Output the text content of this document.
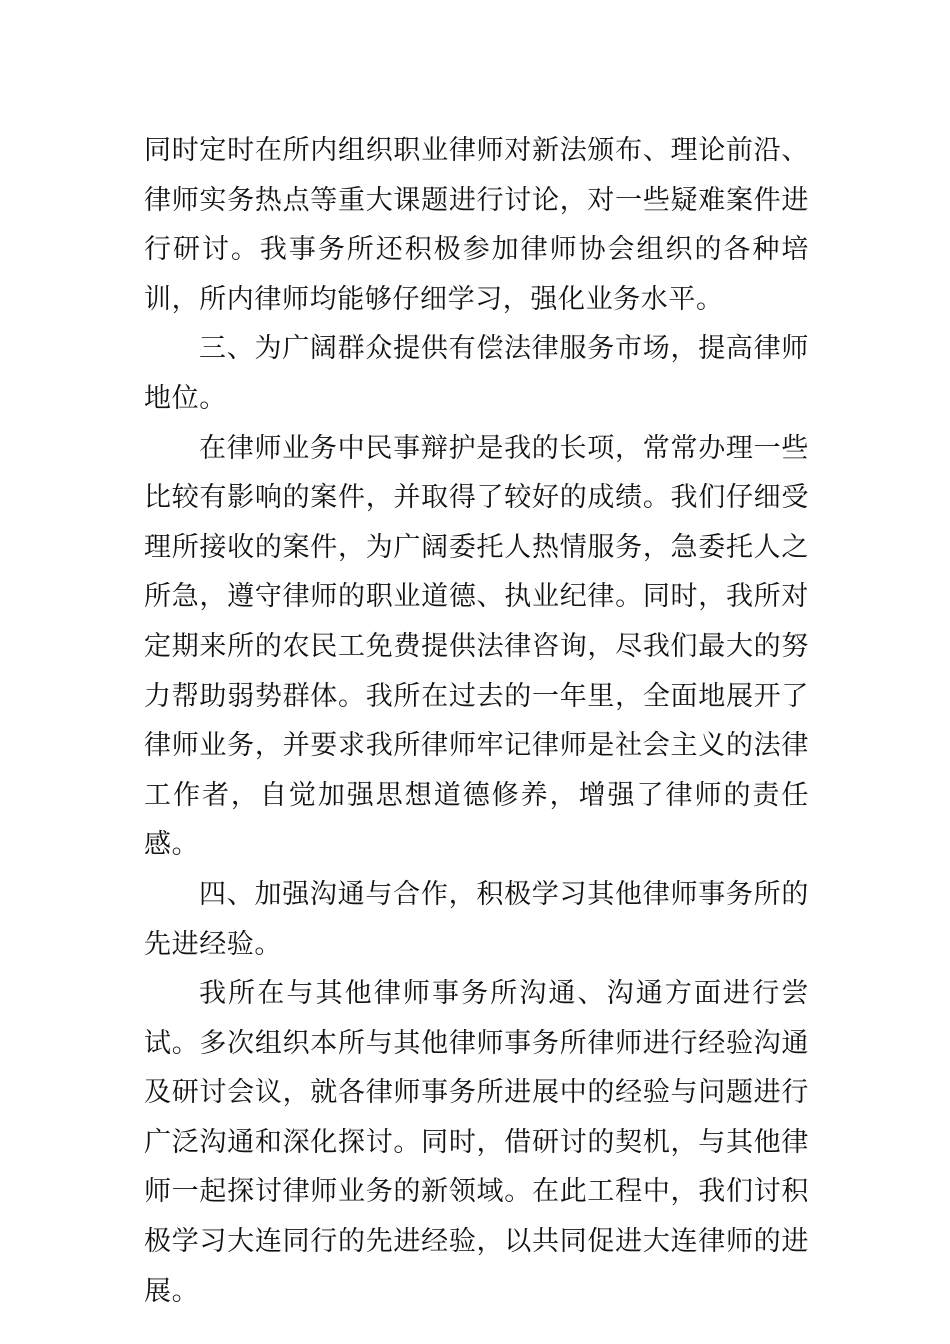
同时定时在所内组织职业律师对新法颁布、理论前沿、律师实务热点等重大课题进行讨论，对一些疑难案件进行研讨。我事务所还积极参加律师协会组织的各种培训，所内律师均能够仔细学习，强化业务水平。

三、为广阔群众提供有偿法律服务市场，提高律师地位。

在律师业务中民事辩护是我的长项，常常办理一些比较有影响的案件，并取得了较好的成绩。我们仔细受理所接收的案件，为广阔委托人热情服务，急委托人之所急，遵守律师的职业道德、执业纪律。同时，我所对定期来所的农民工免费提供法律咨询，尽我们最大的努力帮助弱势群体。我所在过去的一年里，全面地展开了律师业务，并要求我所律师牢记律师是社会主义的法律工作者，自觉加强思想道德修养，增强了律师的责任感。

四、加强沟通与合作，积极学习其他律师事务所的先进经验。

我所在与其他律师事务所沟通、沟通方面进行尝试。多次组织本所与其他律师事务所律师进行经验沟通及研讨会议，就各律师事务所进展中的经验与问题进行广泛沟通和深化探讨。同时，借研讨的契机，与其他律师一起探讨律师业务的新领域。在此工程中，我们讨积极学习大连同行的先进经验，以共同促进大连律师的进展。
